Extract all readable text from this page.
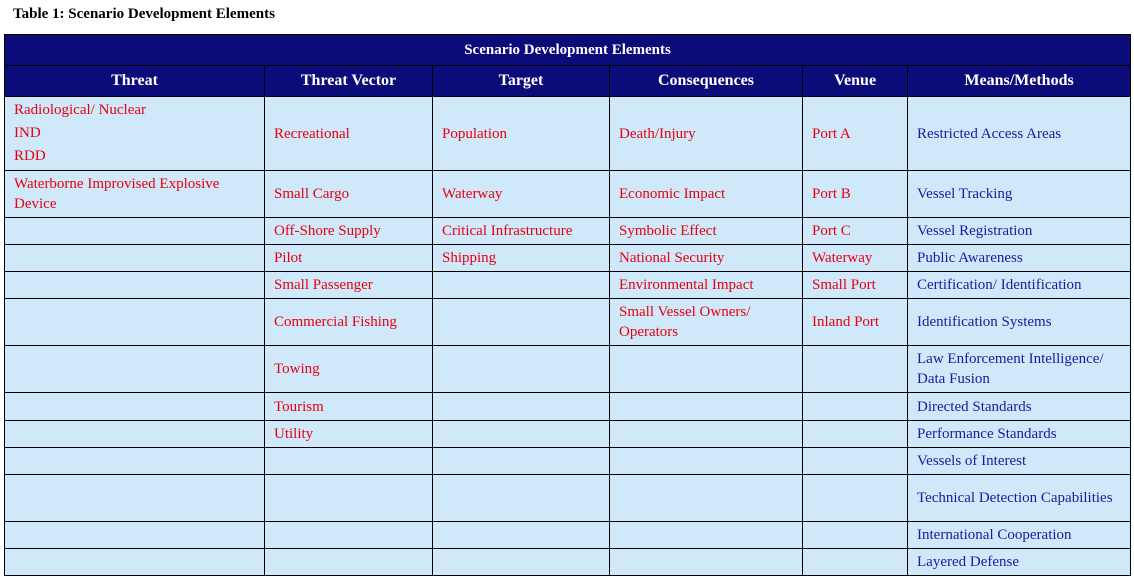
Table 1: Scenario Development Elements
Scenario Development Elements					
Threat	Threat Vector	Target	Consequences	Venue	Means/Methods

Radiological/ Nuclear
IND
RDD	Recreational	Population	Death/Injury	Port A	Restricted Access Areas
Waterborne Improvised Explosive Device	Small Cargo	Waterway	Economic Impact	Port B	Vessel Tracking
	Off-Shore Supply	Critical Infrastructure	Symbolic Effect	Port C	Vessel Registration
	Pilot	Shipping	National Security	Waterway	Public Awareness
	Small Passenger		Environmental Impact	Small Port	Certification/ Identification
	Commercial Fishing		Small Vessel Owners/ Operators	Inland Port	Identification Systems
	Towing				Law Enforcement Intelligence/ Data Fusion
	Tourism				Directed Standards
	Utility				Performance Standards
					Vessels of Interest
					Technical Detection Capabilities
					International Cooperation
					Layered Defense
